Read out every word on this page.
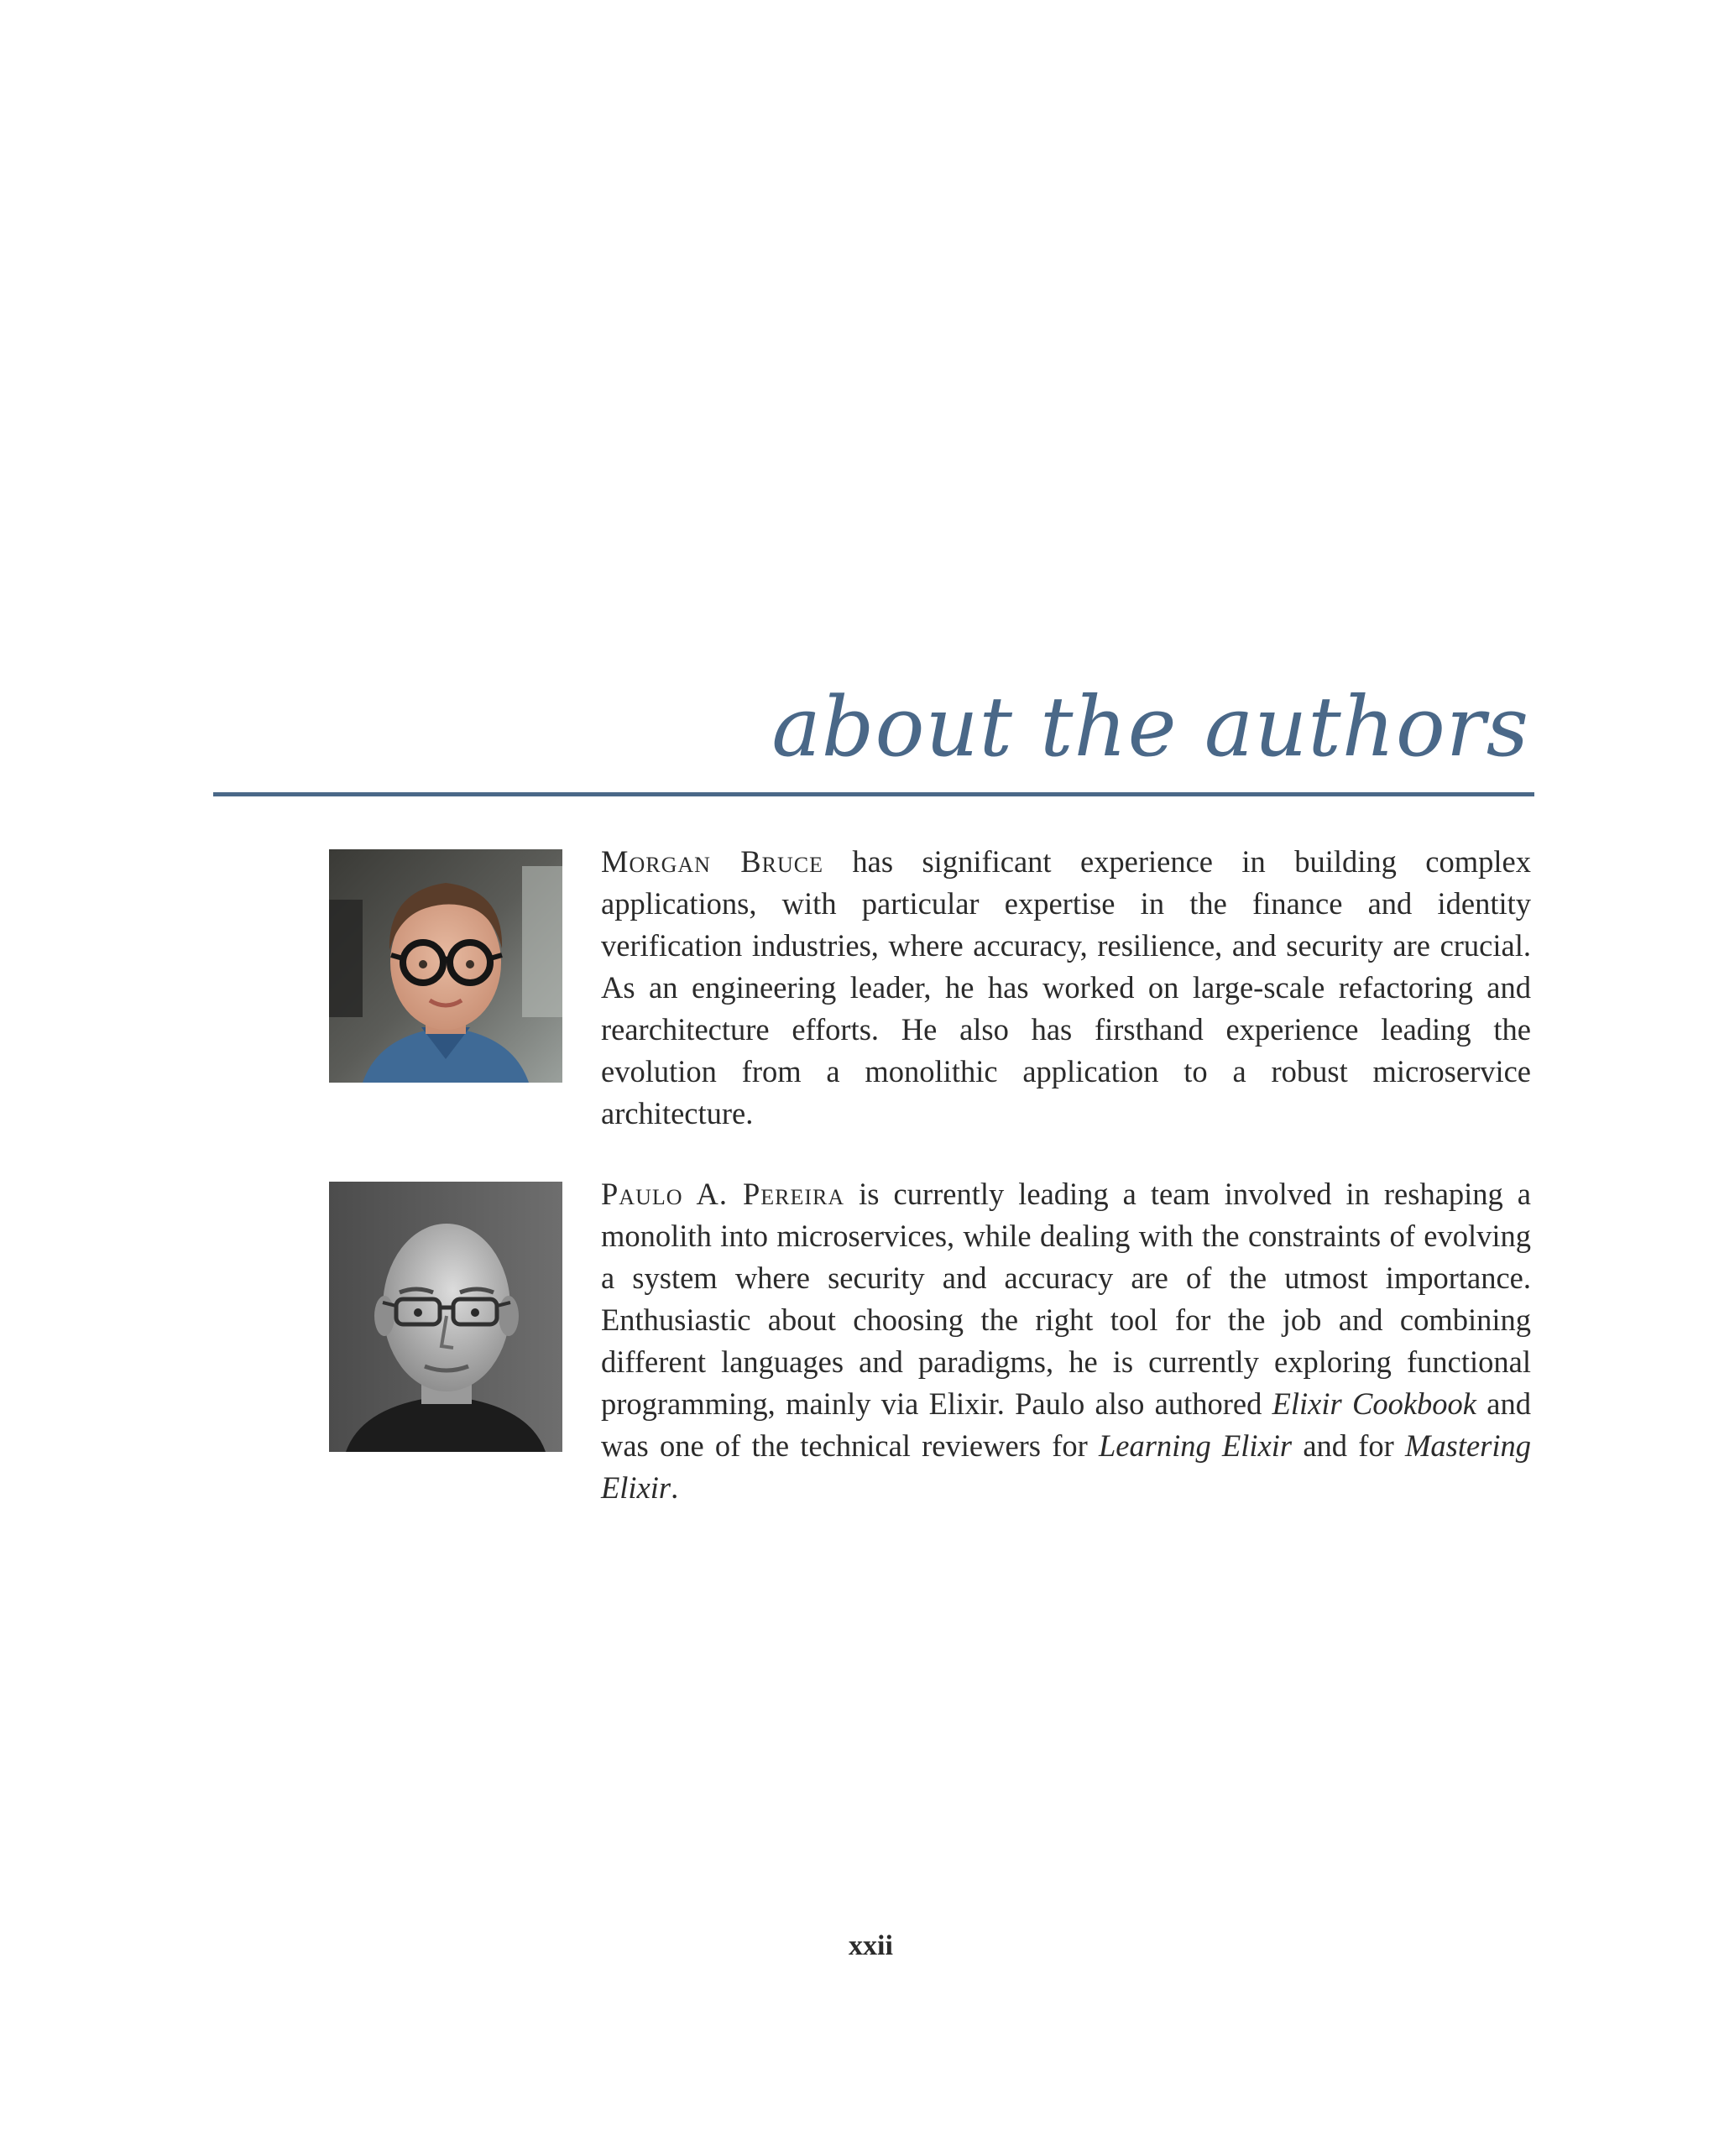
about the authors

Morgan Bruce has significant experience in building complex applications, with particular expertise in the finance and identity verification industries, where accuracy, resilience, and security are crucial. As an engineering leader, he has worked on large-scale refactoring and rearchitecture efforts. He also has firsthand experience leading the evolution from a monolithic application to a robust microservice architecture.

Paulo A. Pereira is currently leading a team involved in reshaping a monolith into microservices, while dealing with the constraints of evolving a system where security and accuracy are of the utmost importance. Enthusiastic about choosing the right tool for the job and combining different languages and paradigms, he is currently exploring functional programming, mainly via Elixir. Paulo also authored Elixir Cookbook and was one of the technical reviewers for Learning Elixir and for Mastering Elixir.

xxii
